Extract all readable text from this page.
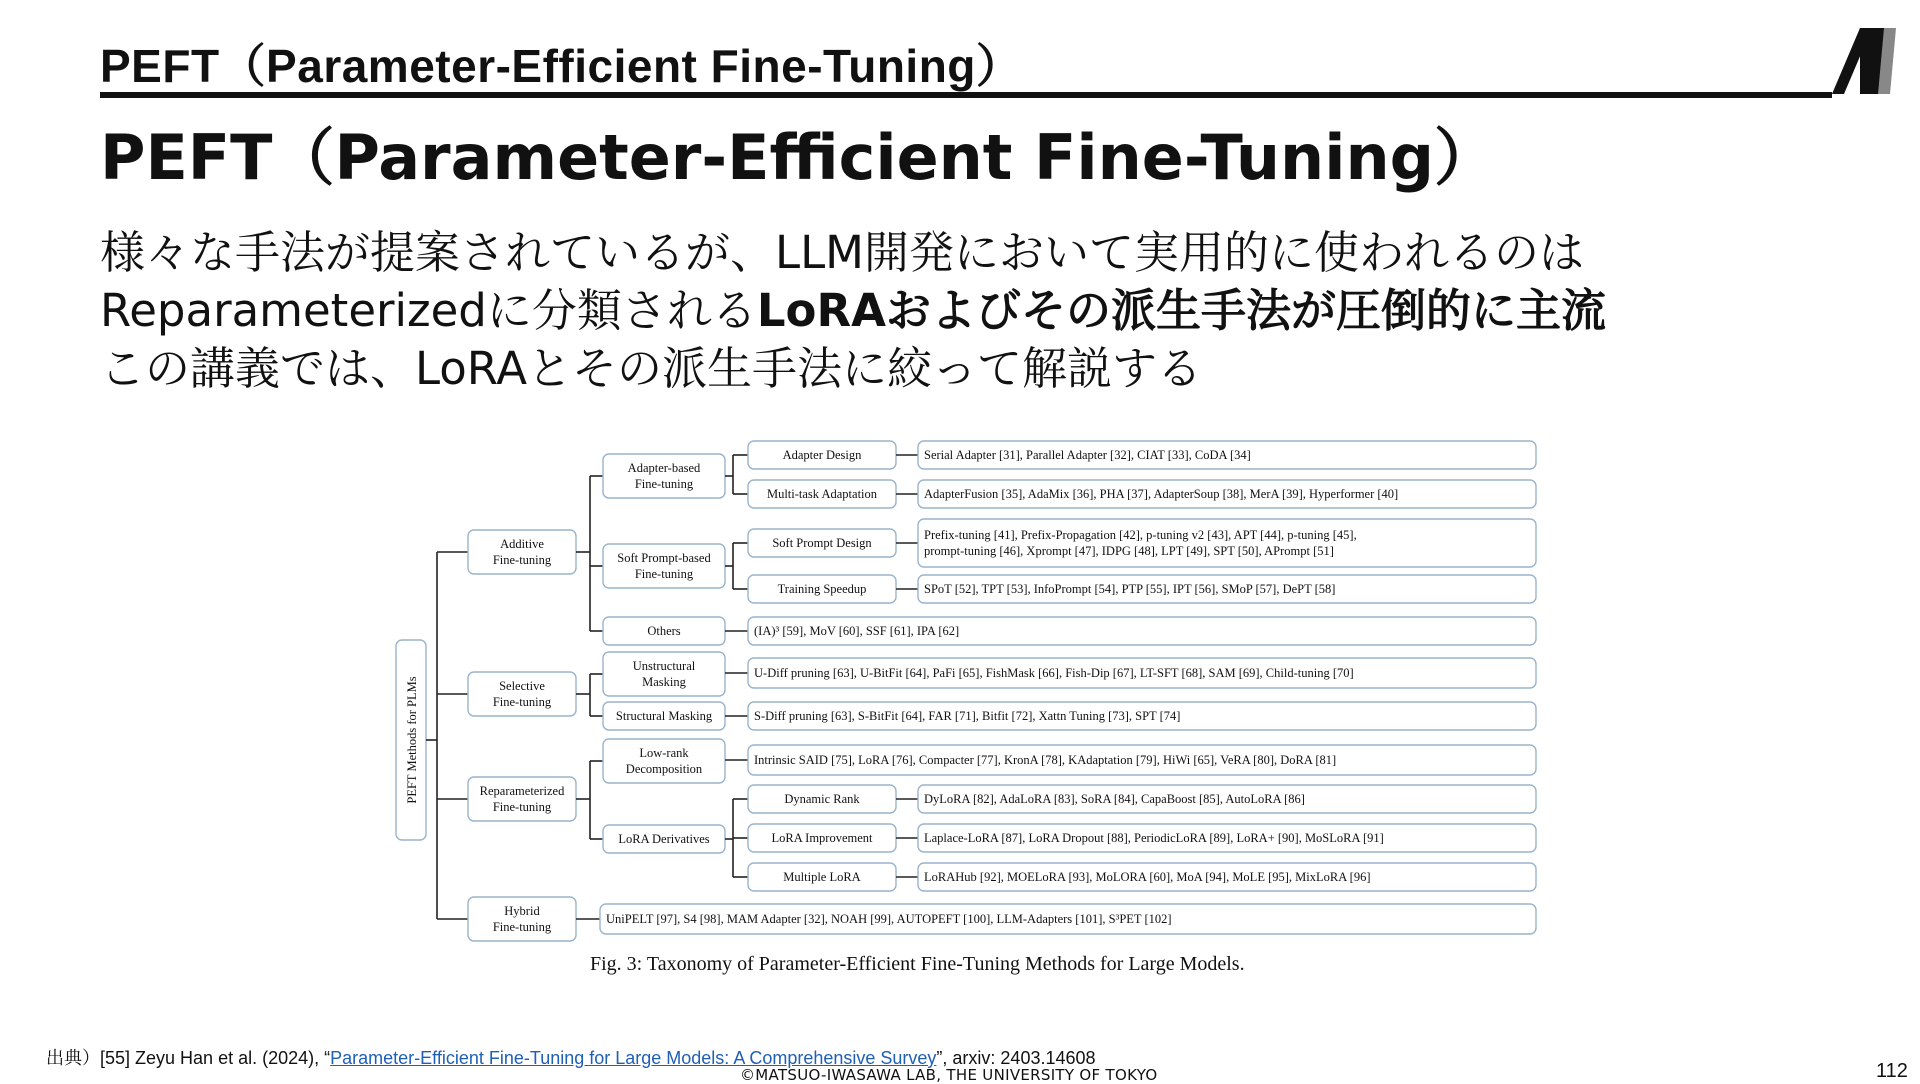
PEFT（Parameter-Efficient Fine-Tuning）
PEFT（Parameter-Efficient Fine-Tuning）
様々な手法が提案されているが、LLM開発において実用的に使われるのは
Reparameterizedに分類されるLoRAおよびその派生手法が圧倒的に主流
この講義では、LoRAとその派生手法に絞って解説する
PEFT Methods for PLMs
Additive
Fine-tuning
Selective
Fine-tuning
Reparameterized
Fine-tuning
Hybrid
Fine-tuning
Adapter-based
Fine-tuning
Soft Prompt-based
Fine-tuning
Others
Unstructural
Masking
Structural Masking
Low-rank
Decomposition
LoRA Derivatives
Adapter Design
Multi-task Adaptation
Soft Prompt Design
Training Speedup
Dynamic Rank
LoRA Improvement
Multiple LoRA
Serial Adapter [31], Parallel Adapter [32], CIAT [33], CoDA [34]
AdapterFusion [35], AdaMix [36], PHA [37], AdapterSoup [38], MerA [39], Hyperformer [40]
Prefix-tuning [41], Prefix-Propagation [42], p-tuning v2 [43], APT [44], p-tuning [45],
prompt-tuning [46], Xprompt [47], IDPG [48], LPT [49], SPT [50], APrompt [51]
SPoT [52], TPT [53], InfoPrompt [54], PTP [55], IPT [56], SMoP [57], DePT [58]
(IA)³ [59], MoV [60], SSF [61], IPA [62]
U-Diff pruning [63], U-BitFit [64], PaFi [65], FishMask [66], Fish-Dip [67], LT-SFT [68], SAM [69], Child-tuning [70]
S-Diff pruning [63], S-BitFit [64], FAR [71], Bitfit [72], Xattn Tuning [73], SPT [74]
Intrinsic SAID [75], LoRA [76], Compacter [77], KronA [78], KAdaptation [79], HiWi [65], VeRA [80], DoRA [81]
DyLoRA [82], AdaLoRA [83], SoRA [84], CapaBoost [85], AutoLoRA [86]
Laplace-LoRA [87], LoRA Dropout [88], PeriodicLoRA [89], LoRA+ [90], MoSLoRA [91]
LoRAHub [92], MOELoRA [93], MoLORA [60], MoA [94], MoLE [95], MixLoRA [96]
UniPELT [97], S4 [98], MAM Adapter [32], NOAH [99], AUTOPEFT [100], LLM-Adapters [101], S³PET [102]
Fig. 3: Taxonomy of Parameter-Efficient Fine-Tuning Methods for Large Models.
出典）[55] Zeyu Han et al. (2024), “Parameter-Efficient Fine-Tuning for Large Models: A Comprehensive Survey”, arxiv: 2403.14608
©MATSUO-IWASAWA LAB, THE UNIVERSITY OF TOKYO	112
